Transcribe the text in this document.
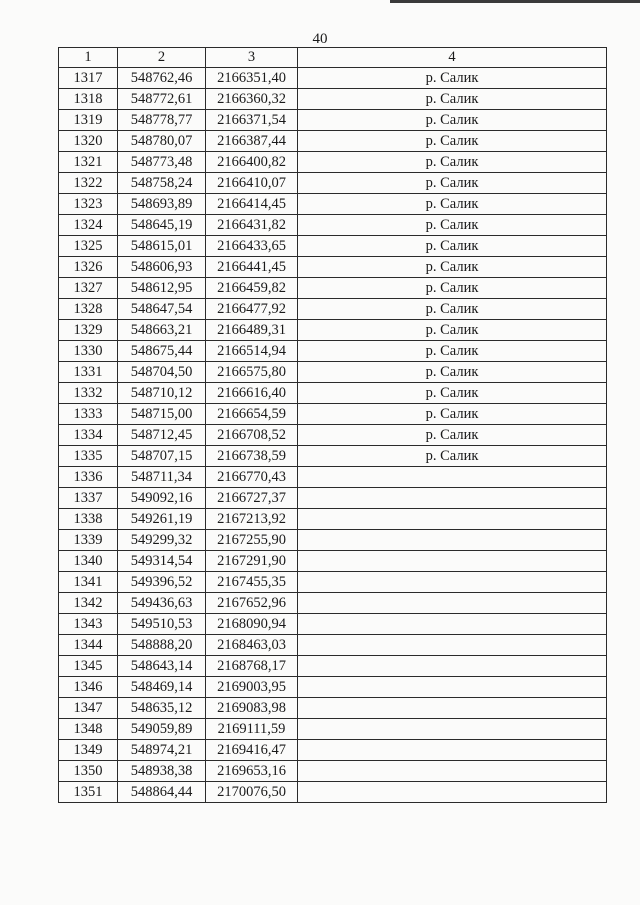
40
1	2	3	4
1317	548762,46	2166351,40	р. Салик
1318	548772,61	2166360,32	р. Салик
1319	548778,77	2166371,54	р. Салик
1320	548780,07	2166387,44	р. Салик
1321	548773,48	2166400,82	р. Салик
1322	548758,24	2166410,07	р. Салик
1323	548693,89	2166414,45	р. Салик
1324	548645,19	2166431,82	р. Салик
1325	548615,01	2166433,65	р. Салик
1326	548606,93	2166441,45	р. Салик
1327	548612,95	2166459,82	р. Салик
1328	548647,54	2166477,92	р. Салик
1329	548663,21	2166489,31	р. Салик
1330	548675,44	2166514,94	р. Салик
1331	548704,50	2166575,80	р. Салик
1332	548710,12	2166616,40	р. Салик
1333	548715,00	2166654,59	р. Салик
1334	548712,45	2166708,52	р. Салик
1335	548707,15	2166738,59	р. Салик
1336	548711,34	2166770,43	
1337	549092,16	2166727,37	
1338	549261,19	2167213,92	
1339	549299,32	2167255,90	
1340	549314,54	2167291,90	
1341	549396,52	2167455,35	
1342	549436,63	2167652,96	
1343	549510,53	2168090,94	
1344	548888,20	2168463,03	
1345	548643,14	2168768,17	
1346	548469,14	2169003,95	
1347	548635,12	2169083,98	
1348	549059,89	2169111,59	
1349	548974,21	2169416,47	
1350	548938,38	2169653,16	
1351	548864,44	2170076,50	
